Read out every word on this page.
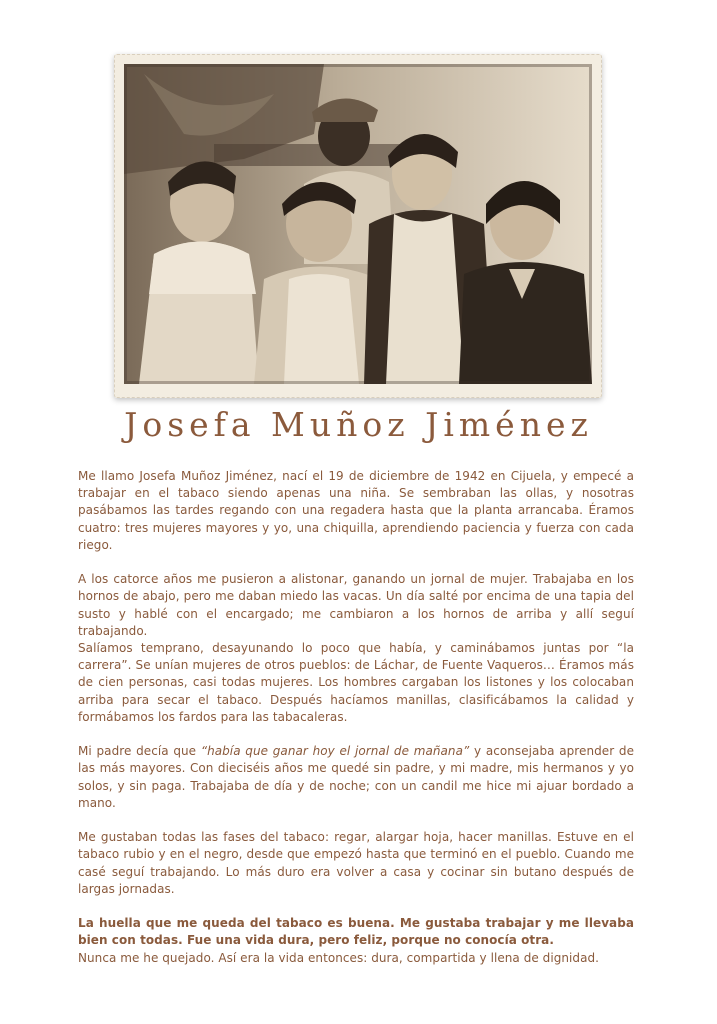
Josefa Muñoz Jiménez

Me llamo Josefa Muñoz Jiménez, nací el 19 de diciembre de 1942 en Cijuela, y empecé a trabajar en el tabaco siendo apenas una niña. Se sembraban las ollas, y nosotras pasábamos las tardes regando con una regadera hasta que la planta arrancaba. Éramos cuatro: tres mujeres mayores y yo, una chiquilla, aprendiendo paciencia y fuerza con cada riego.

A los catorce años me pusieron a alistonar, ganando un jornal de mujer. Trabajaba en los hornos de abajo, pero me daban miedo las vacas. Un día salté por encima de una tapia del susto y hablé con el encargado; me cambiaron a los hornos de arriba y allí seguí trabajando.

Salíamos temprano, desayunando lo poco que había, y caminábamos juntas por “la carrera”. Se unían mujeres de otros pueblos: de Láchar, de Fuente Vaqueros… Éramos más de cien personas, casi todas mujeres. Los hombres cargaban los listones y los colocaban arriba para secar el tabaco. Después hacíamos manillas, clasificábamos la calidad y formábamos los fardos para las tabacaleras.

Mi padre decía que “había que ganar hoy el jornal de mañana” y aconsejaba aprender de las más mayores. Con dieciséis años me quedé sin padre, y mi madre, mis hermanos y yo solos, y sin paga. Trabajaba de día y de noche; con un candil me hice mi ajuar bordado a mano.

Me gustaban todas las fases del tabaco: regar, alargar hoja, hacer manillas. Estuve en el tabaco rubio y en el negro, desde que empezó hasta que terminó en el pueblo. Cuando me casé seguí trabajando. Lo más duro era volver a casa y cocinar sin butano después de largas jornadas.

La huella que me queda del tabaco es buena. Me gustaba trabajar y me llevaba bien con todas. Fue una vida dura, pero feliz, porque no conocía otra.

Nunca me he quejado. Así era la vida entonces: dura, compartida y llena de dignidad.
